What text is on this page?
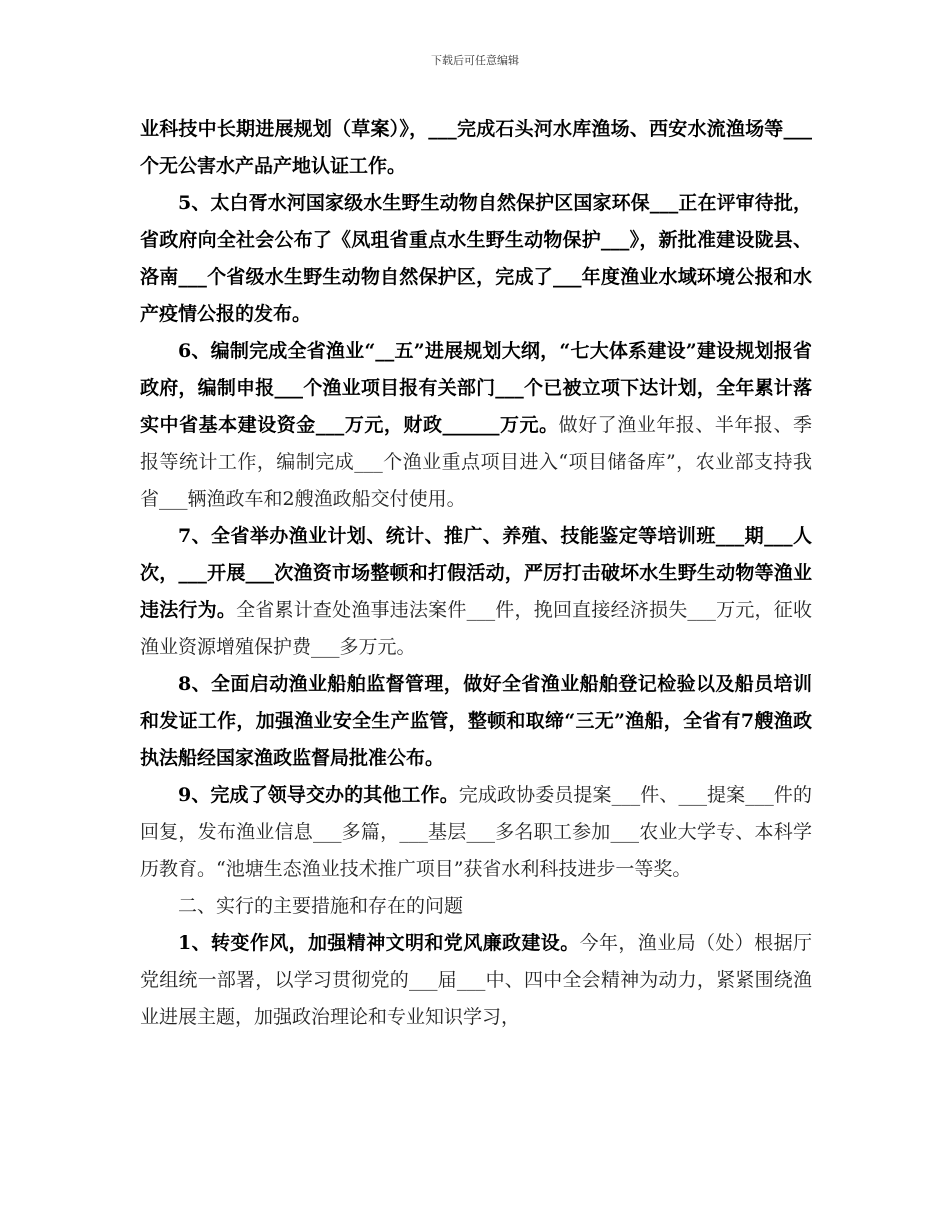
下载后可任意编辑

业科技中长期进展规划（草案）》，___完成石头河水库渔场、西安水流渔场等___个无公害水产品产地认证工作。

5、太白胥水河国家级水生野生动物自然保护区国家环保___正在评审待批，省政府向全社会公布了《凤珇省重点水生野生动物保护___》，新批准建设陇县、洛南___个省级水生野生动物自然保护区，完成了___年度渔业水域环境公报和水产疫情公报的发布。

6、编制完成全省渔业“__五”进展规划大纲，“七大体系建设”建设规划报省政府，编制申报___个渔业项目报有关部门___个已被立项下达计划，全年累计落实中省基本建设资金___万元，财政______万元。做好了渔业年报、半年报、季报等统计工作，编制完成___个渔业重点项目进入“项目储备库”，农业部支持我省___辆渔政车和2艘渔政船交付使用。

7、全省举办渔业计划、统计、推广、养殖、技能鉴定等培训班___期___人次，___开展___次渔资市场整顿和打假活动，严厉打击破坏水生野生动物等渔业违法行为。全省累计查处渔事违法案件___件，挽回直接经济损失___万元，征收渔业资源增殖保护费___多万元。

8、全面启动渔业船舶监督管理，做好全省渔业船舶登记检验以及船员培训和发证工作，加强渔业安全生产监管，整顿和取缔“三无”渔船，全省有7艘渔政执法船经国家渔政监督局批准公布。

9、完成了领导交办的其他工作。完成政协委员提案___件、___提案___件的回复，发布渔业信息___多篇，___基层___多名职工参加___农业大学专、本科学历教育。“池塘生态渔业技术推广项目”获省水利科技进步一等奖。

二、实行的主要措施和存在的问题

1、转变作风，加强精神文明和党风廉政建设。今年，渔业局（处）根据厅党组统一部署，以学习贯彻党的___届___中、四中全会精神为动力，紧紧围绕渔业进展主题，加强政治理论和专业知识学习，
